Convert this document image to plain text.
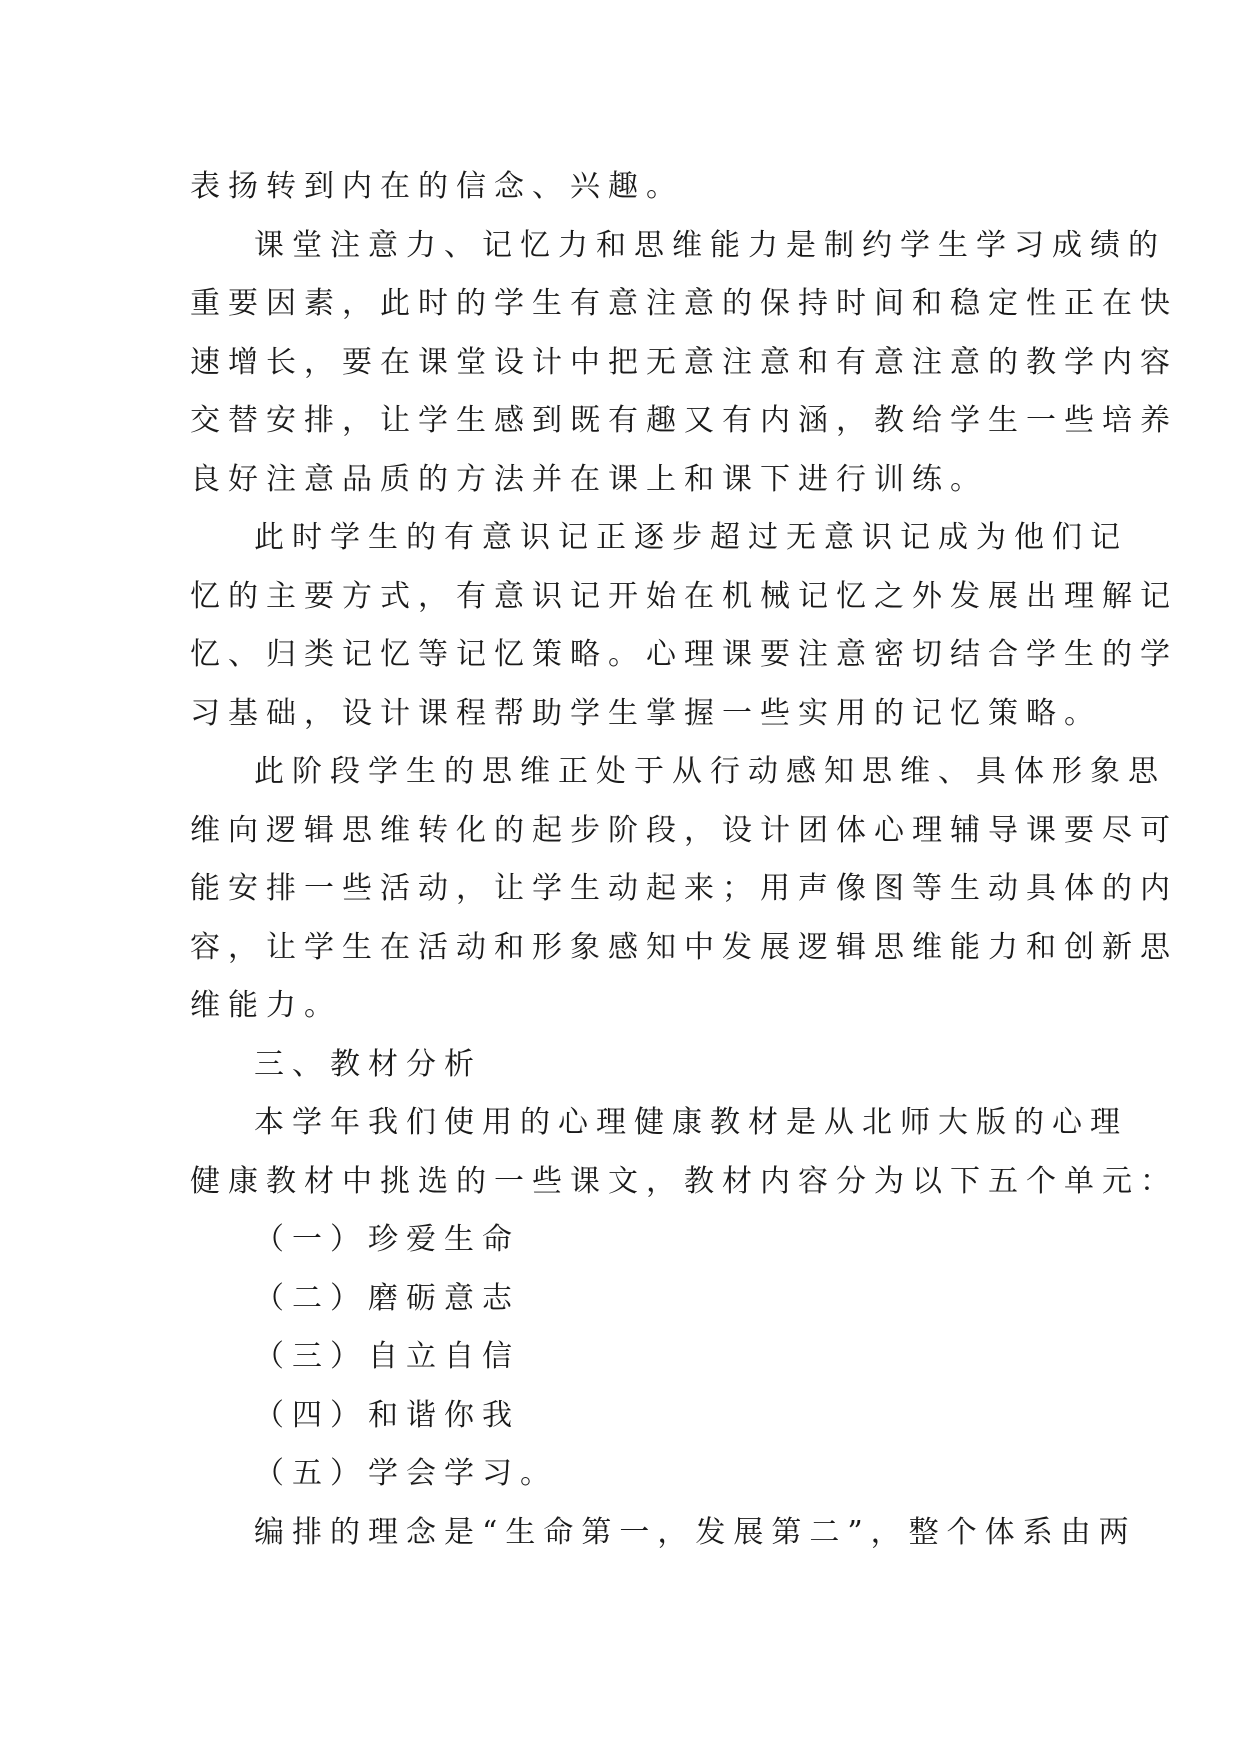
表扬转到内在的信念、兴趣。
课堂注意力、记忆力和思维能力是制约学生学习成绩的
重要因素，此时的学生有意注意的保持时间和稳定性正在快
速增长，要在课堂设计中把无意注意和有意注意的教学内容
交替安排，让学生感到既有趣又有内涵，教给学生一些培养
良好注意品质的方法并在课上和课下进行训练。
此时学生的有意识记正逐步超过无意识记成为他们记
忆的主要方式，有意识记开始在机械记忆之外发展出理解记
忆、归类记忆等记忆策略。心理课要注意密切结合学生的学
习基础，设计课程帮助学生掌握一些实用的记忆策略。
此阶段学生的思维正处于从行动感知思维、具体形象思
维向逻辑思维转化的起步阶段，设计团体心理辅导课要尽可
能安排一些活动，让学生动起来；用声像图等生动具体的内
容，让学生在活动和形象感知中发展逻辑思维能力和创新思
维能力。
三、教材分析
本学年我们使用的心理健康教材是从北师大版的心理
健康教材中挑选的一些课文，教材内容分为以下五个单元：
（一）珍爱生命
（二）磨砺意志
（三）自立自信
（四）和谐你我
（五）学会学习。
编排的理念是“生命第一，发展第二”，整个体系由两
